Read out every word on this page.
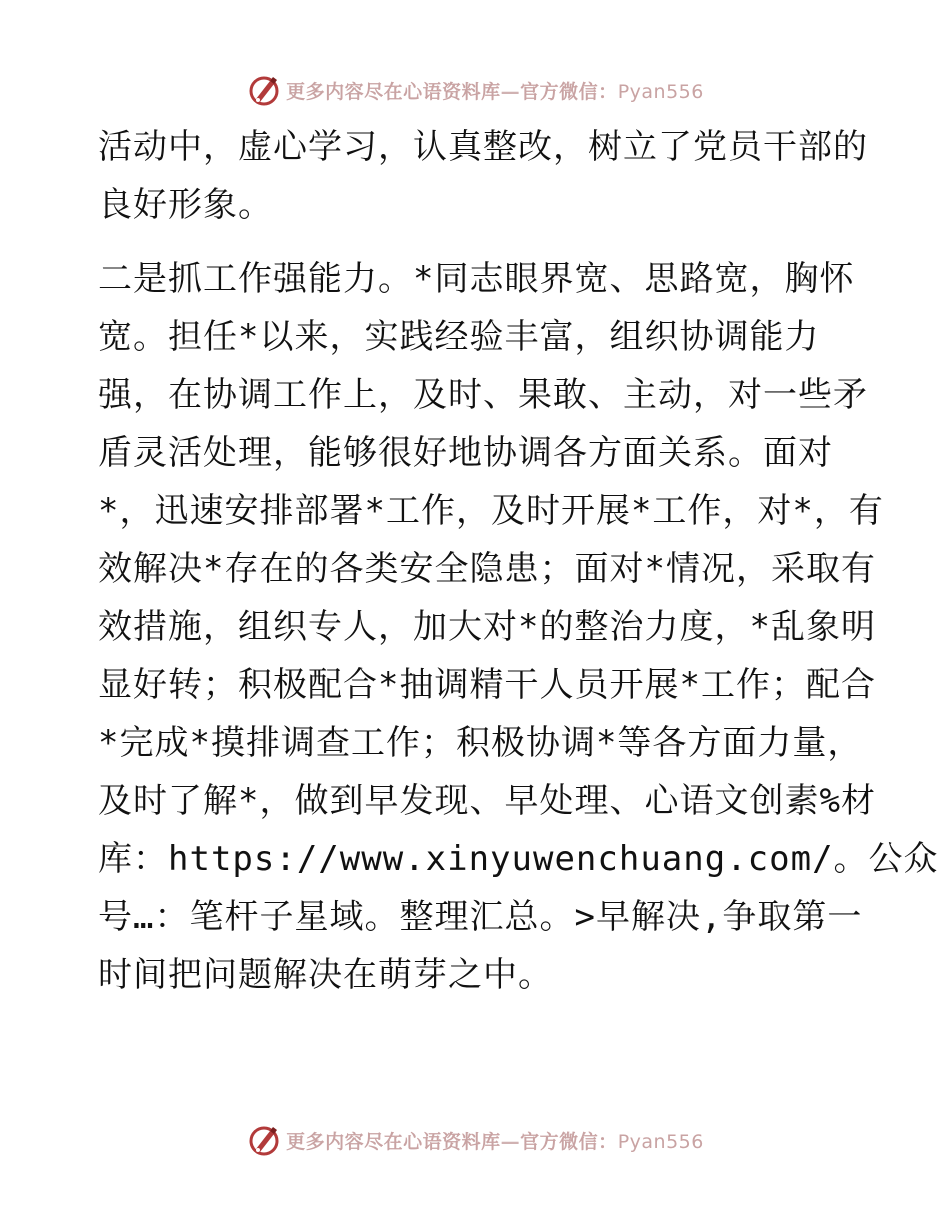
更多内容尽在心语资料库—官方微信：Pyan556
活动中，虚心学习，认真整改，树立了党员干部的
良好形象。
二是抓工作强能力。*同志眼界宽、思路宽，胸怀
宽。担任*以来，实践经验丰富，组织协调能力
强，在协调工作上，及时、果敢、主动，对一些矛
盾灵活处理，能够很好地协调各方面关系。面对
*，迅速安排部署*工作，及时开展*工作，对*，有
效解决*存在的各类安全隐患；面对*情况，采取有
效措施，组织专人，加大对*的整治力度，*乱象明
显好转；积极配合*抽调精干人员开展*工作；配合
*完成*摸排调查工作；积极协调*等各方面力量，
及时了解*，做到早发现、早处理、心语文创素%材
库：https://www.xinyuwenchuang.com/。公众
号…：笔杆子星域。整理汇总。>早解决,争取第一
时间把问题解决在萌芽之中。
更多内容尽在心语资料库—官方微信：Pyan556
